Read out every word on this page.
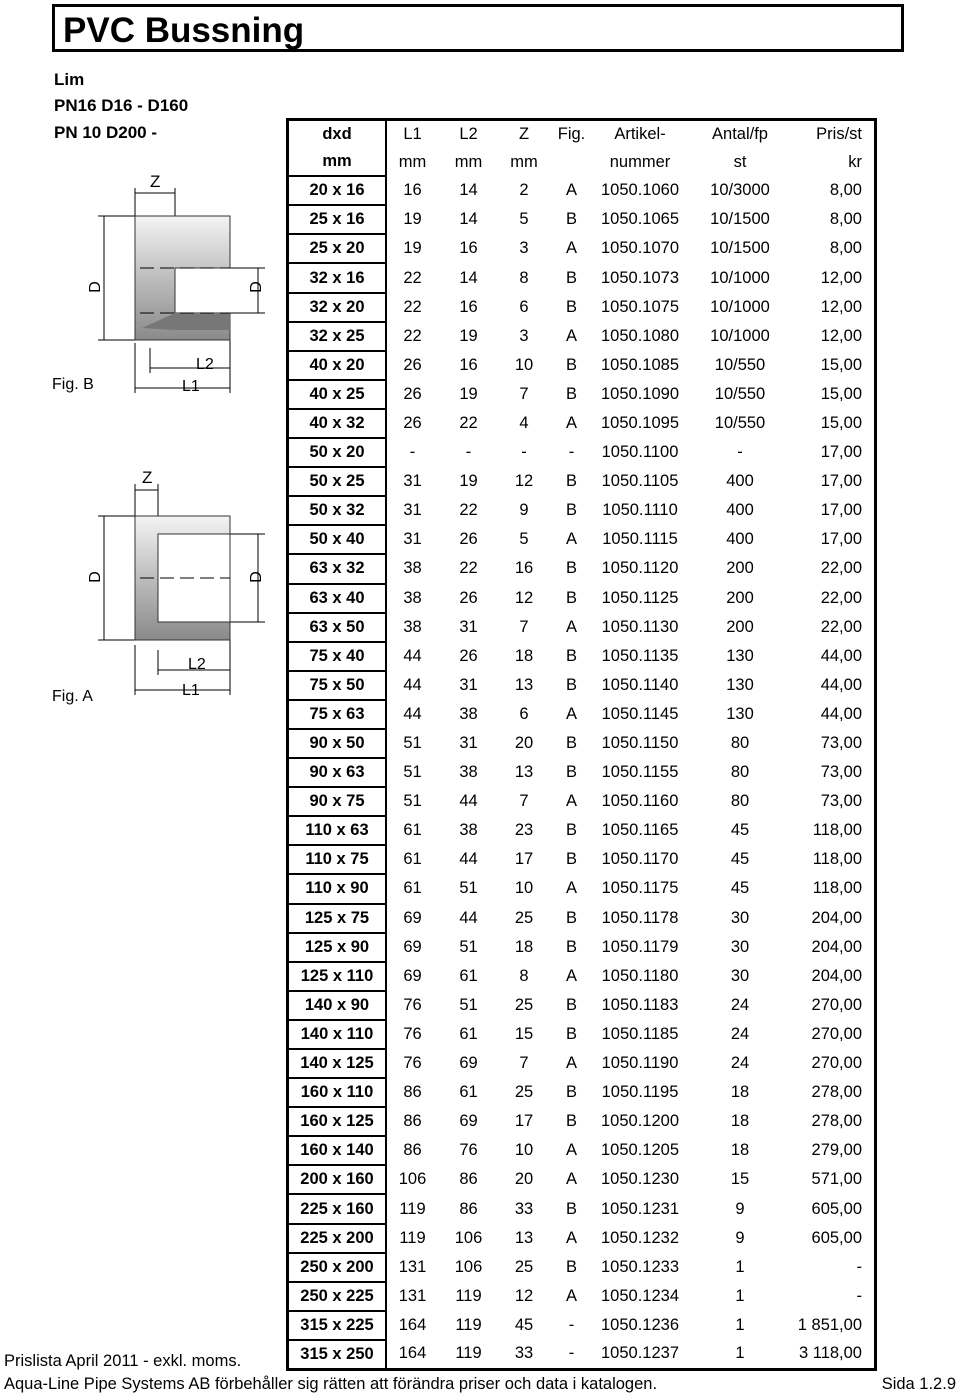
PVC Bussning
Lim
PN16 D16 - D160
PN 10 D200 -
Z
D	D
L2
L1
Fig. B
Z
D	D
L2
L1
Fig. A
dxd	L1	L2	Z	Fig.	Artikel-	Antal/fp	Pris/st
mm	mm	mm	mm		nummer	st	kr
20 x 16	16	14	2	A	1050.1060	10/3000	8,00
25 x 16	19	14	5	B	1050.1065	10/1500	8,00
25 x 20	19	16	3	A	1050.1070	10/1500	8,00
32 x 16	22	14	8	B	1050.1073	10/1000	12,00
32 x 20	22	16	6	B	1050.1075	10/1000	12,00
32 x 25	22	19	3	A	1050.1080	10/1000	12,00
40 x 20	26	16	10	B	1050.1085	10/550	15,00
40 x 25	26	19	7	B	1050.1090	10/550	15,00
40 x 32	26	22	4	A	1050.1095	10/550	15,00
50 x 20	-	-	-	-	1050.1100	-	17,00
50 x 25	31	19	12	B	1050.1105	400	17,00
50 x 32	31	22	9	B	1050.1110	400	17,00
50 x 40	31	26	5	A	1050.1115	400	17,00
63 x 32	38	22	16	B	1050.1120	200	22,00
63 x 40	38	26	12	B	1050.1125	200	22,00
63 x 50	38	31	7	A	1050.1130	200	22,00
75 x 40	44	26	18	B	1050.1135	130	44,00
75 x 50	44	31	13	B	1050.1140	130	44,00
75 x 63	44	38	6	A	1050.1145	130	44,00
90 x 50	51	31	20	B	1050.1150	80	73,00
90 x 63	51	38	13	B	1050.1155	80	73,00
90 x 75	51	44	7	A	1050.1160	80	73,00
110 x 63	61	38	23	B	1050.1165	45	118,00
110 x 75	61	44	17	B	1050.1170	45	118,00
110 x 90	61	51	10	A	1050.1175	45	118,00
125 x 75	69	44	25	B	1050.1178	30	204,00
125 x 90	69	51	18	B	1050.1179	30	204,00
125 x 110	69	61	8	A	1050.1180	30	204,00
140 x 90	76	51	25	B	1050.1183	24	270,00
140 x 110	76	61	15	B	1050.1185	24	270,00
140 x 125	76	69	7	A	1050.1190	24	270,00
160 x 110	86	61	25	B	1050.1195	18	278,00
160 x 125	86	69	17	B	1050.1200	18	278,00
160 x 140	86	76	10	A	1050.1205	18	279,00
200 x 160	106	86	20	A	1050.1230	15	571,00
225 x 160	119	86	33	B	1050.1231	9	605,00
225 x 200	119	106	13	A	1050.1232	9	605,00
250 x 200	131	106	25	B	1050.1233	1	-
250 x 225	131	119	12	A	1050.1234	1	-
315 x 225	164	119	45	-	1050.1236	1	1 851,00
315 x 250	164	119	33	-	1050.1237	1	3 118,00
Prislista April 2011 - exkl. moms.
Aqua-Line Pipe Systems AB förbehåller sig rätten att förändra priser och data i katalogen.	Sida 1.2.9
